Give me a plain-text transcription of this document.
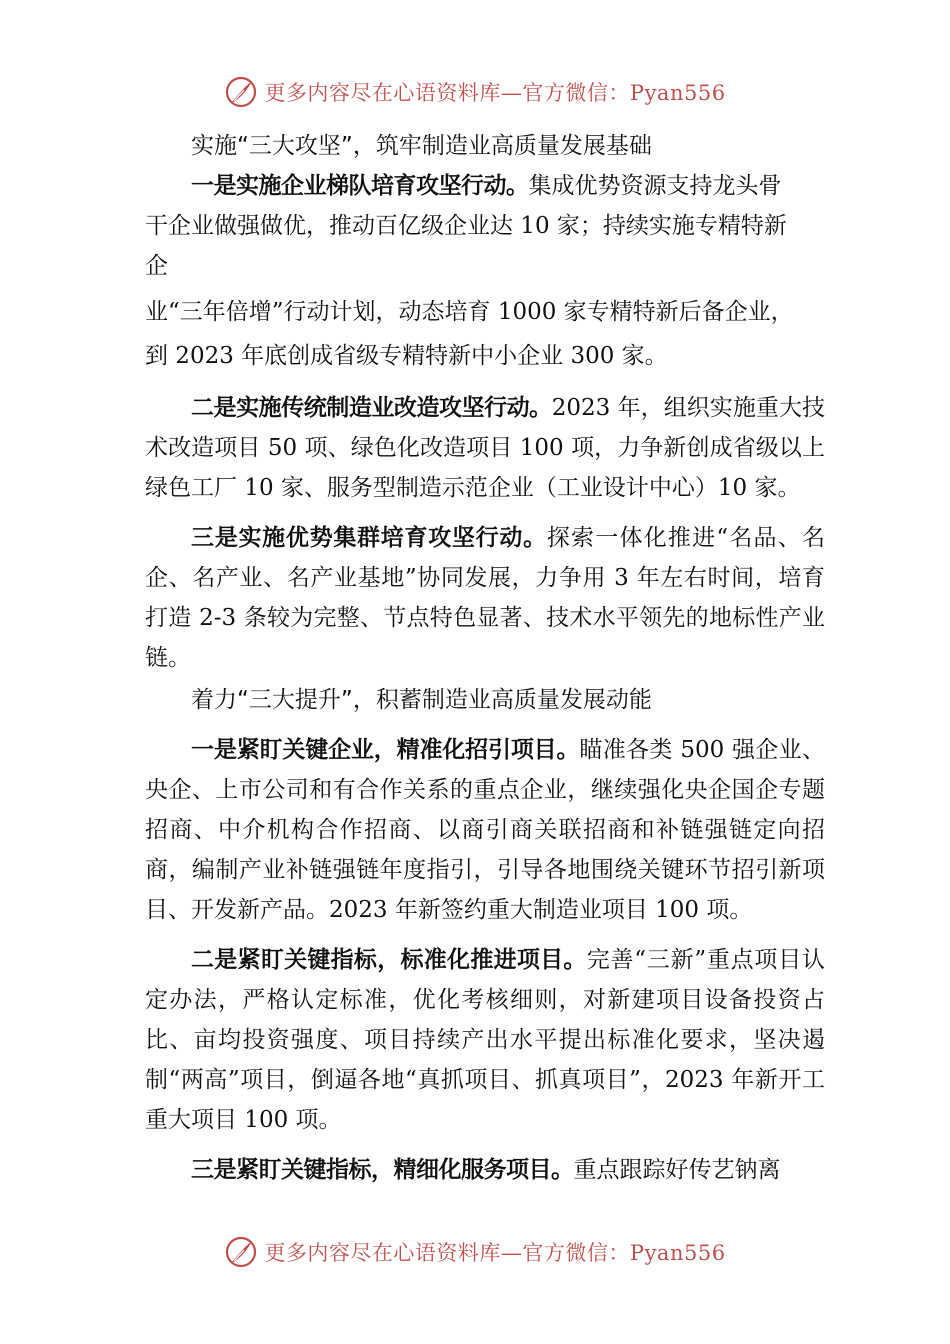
更多内容尽在心语资料库—官方微信：Pyan556

实施“三大攻坚”，筑牢制造业高质量发展基础

一是实施企业梯队培育攻坚行动。集成优势资源支持龙头骨
干企业做强做优，推动百亿级企业达 10 家；持续实施专精特新
企
业“三年倍增”行动计划，动态培育 1000 家专精特新后备企业，
到 2023 年底创成省级专精特新中小企业 300 家。

二是实施传统制造业改造攻坚行动。2023 年，组织实施重大技术改造项目 50 项、绿色化改造项目 100 项，力争新创成省级以上绿色工厂 10 家、服务型制造示范企业（工业设计中心）10 家。

三是实施优势集群培育攻坚行动。探索一体化推进“名品、名企、名产业、名产业基地”协同发展，力争用 3 年左右时间，培育打造 2-3 条较为完整、节点特色显著、技术水平领先的地标性产业链。

着力“三大提升”，积蓄制造业高质量发展动能

一是紧盯关键企业，精准化招引项目。瞄准各类 500 强企业、央企、上市公司和有合作关系的重点企业，继续强化央企国企专题招商、中介机构合作招商、以商引商关联招商和补链强链定向招商，编制产业补链强链年度指引，引导各地围绕关键环节招引新项目、开发新产品。2023 年新签约重大制造业项目 100 项。

二是紧盯关键指标，标准化推进项目。完善“三新”重点项目认定办法，严格认定标准，优化考核细则，对新建项目设备投资占比、亩均投资强度、项目持续产出水平提出标准化要求，坚决遏制“两高”项目，倒逼各地“真抓项目、抓真项目”，2023 年新开工重大项目 100 项。

三是紧盯关键指标，精细化服务项目。重点跟踪好传艺钠离

更多内容尽在心语资料库—官方微信：Pyan556
